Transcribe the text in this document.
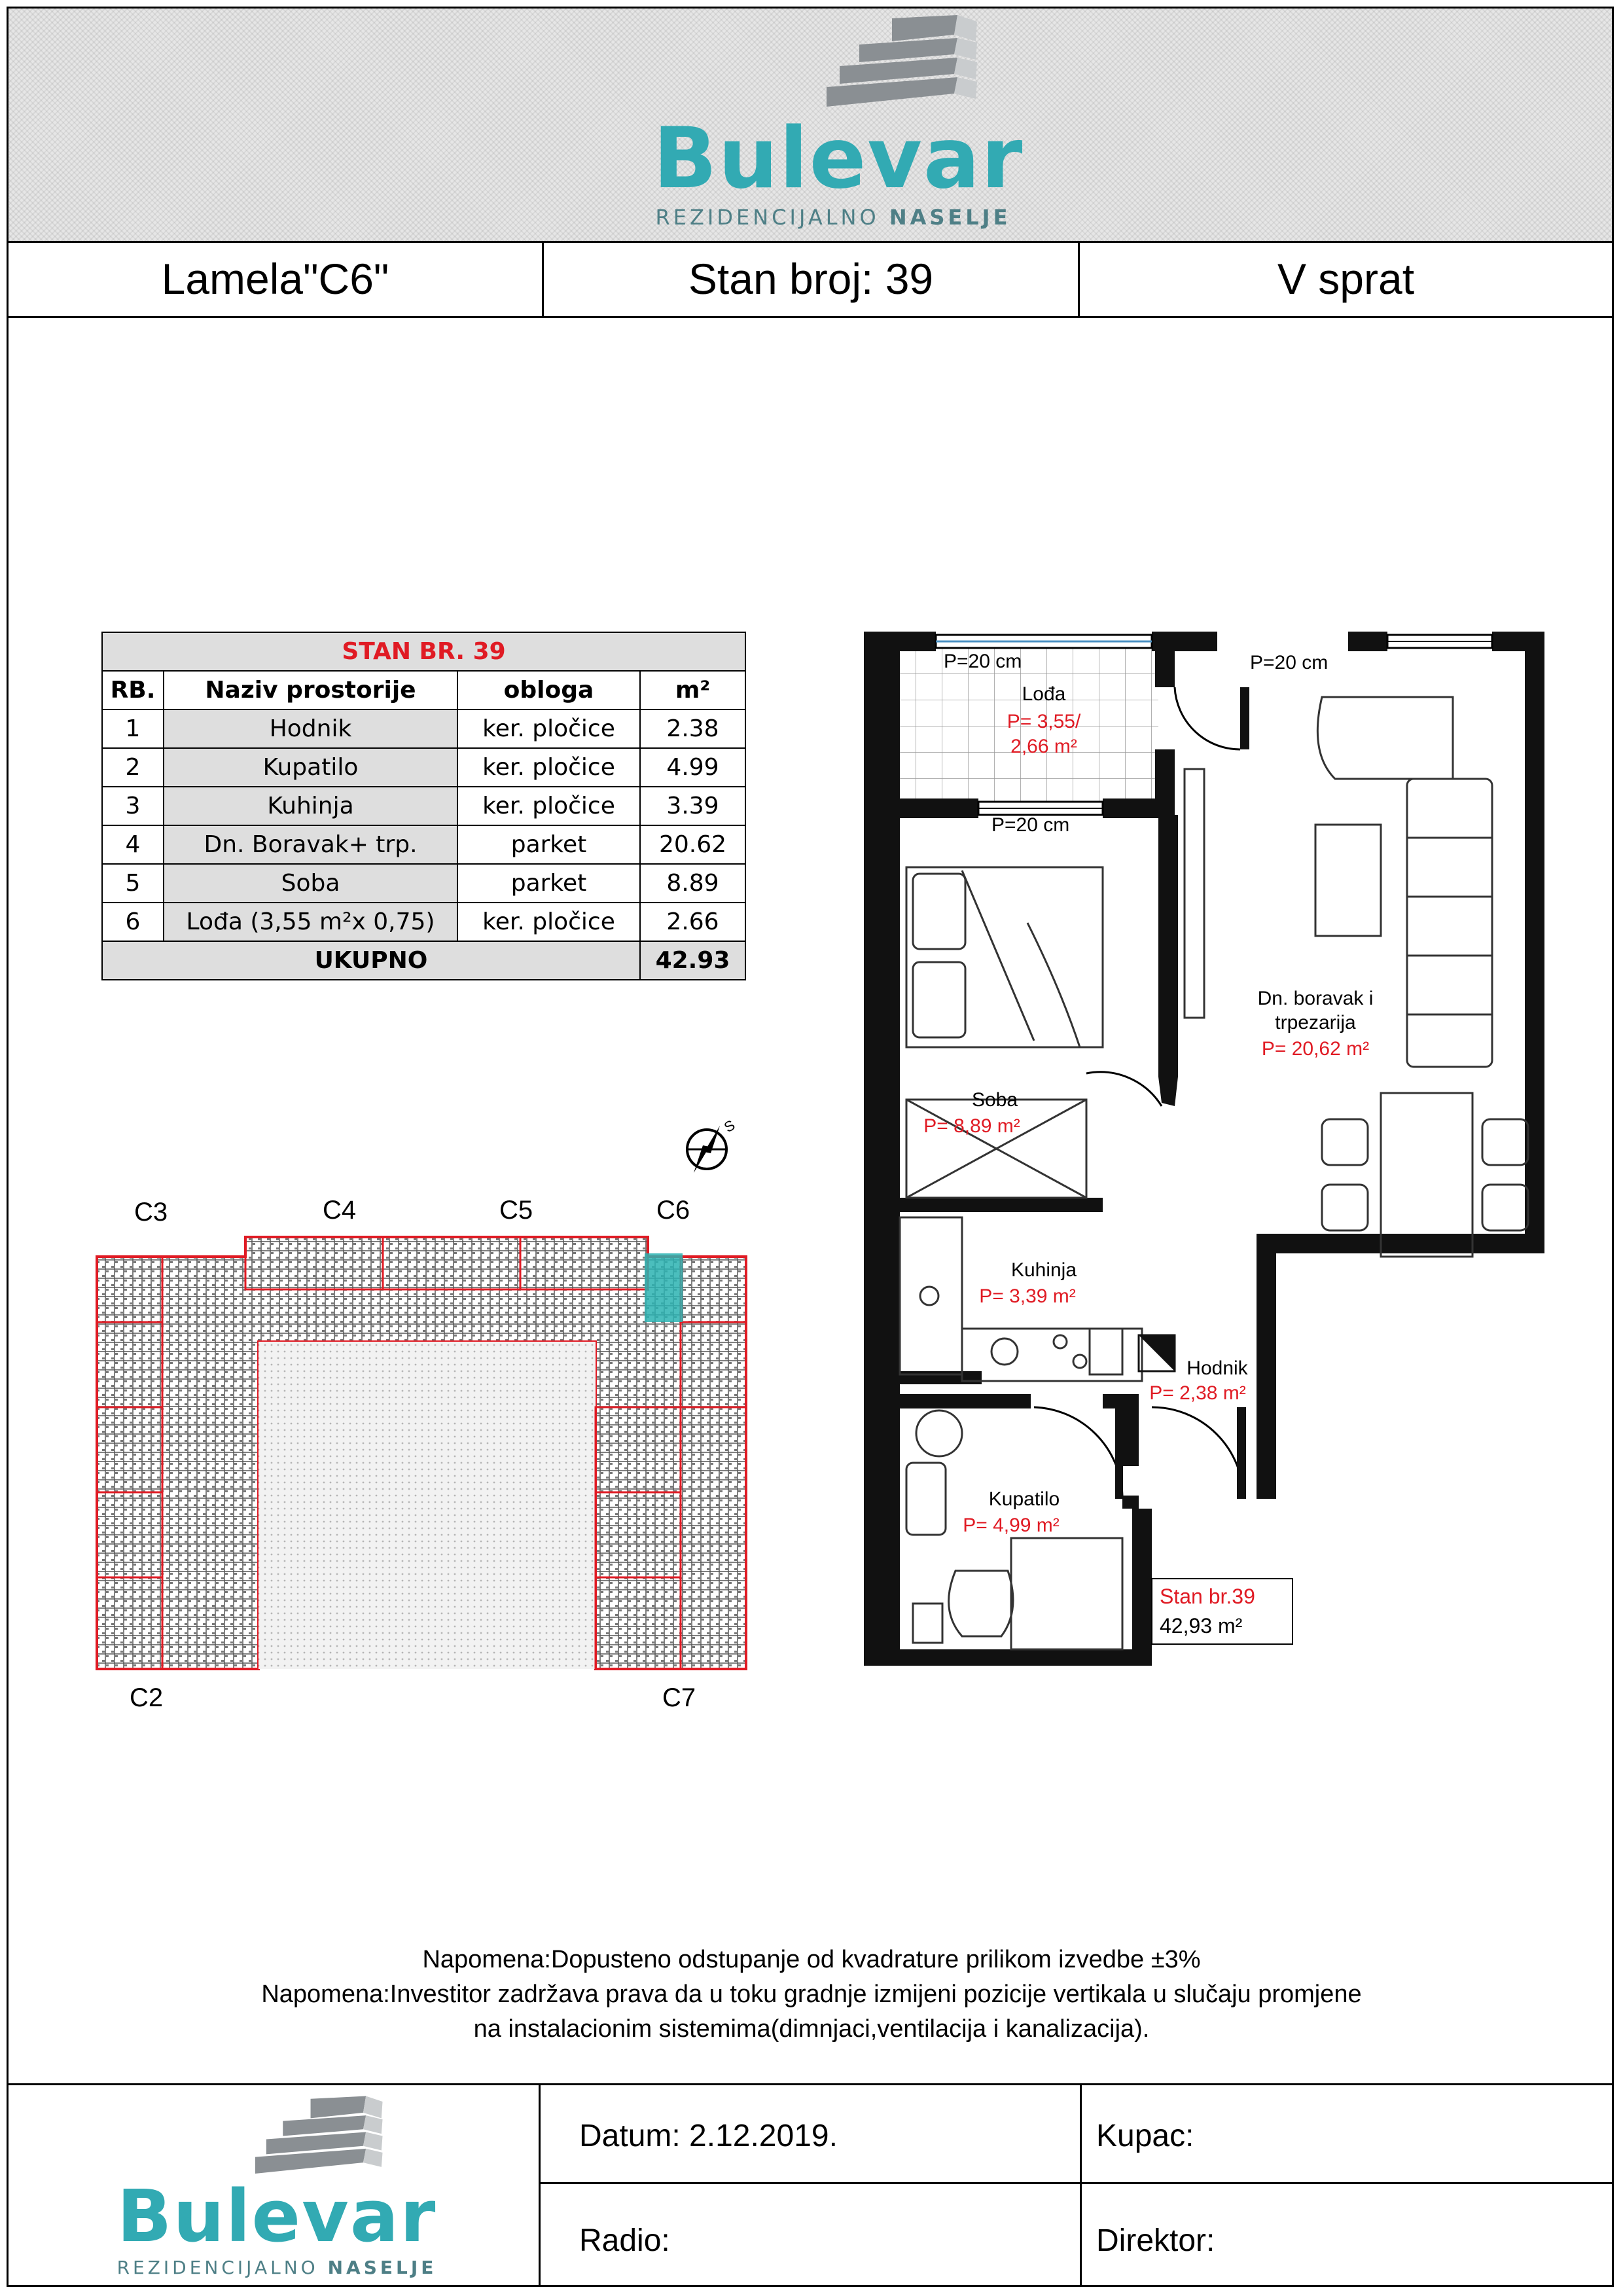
Bulevar
REZIDENCIJALNO NASELJE
Lamela"C6"	Stan broj: 39	V sprat
STAN BR. 39			
RB.	Naziv prostorije	obloga	m²
1	Hodnik	ker. pločice	2.38
2	Kupatilo	ker. pločice	4.99
3	Kuhinja	ker. pločice	3.39
4	Dn. Boravak+ trp.	parket	20.62
5	Soba	parket	8.89
6	Lođa (3,55 m²x 0,75)	ker. pločice	2.66
UKUPNO			42.93
S
C3	C4	C5	C6
C2	C7
P=20 cm	P=20 cm
P=20 cm
Lođa
P= 3,55/
2,66 m²
Dn. boravak i
trpezarija
P= 20,62 m²
Soba
P= 8,89 m²
Kuhinja
P= 3,39 m²
Hodnik
P= 2,38 m²
Kupatilo
P= 4,99 m²
Stan br.39
42,93 m²
Napomena:Dopusteno odstupanje od kvadrature prilikom izvedbe ±3%
Napomena:Investitor zadržava prava da u toku gradnje izmijeni pozicije vertikala u slučaju promjene
na instalacionim sistemima(dimnjaci,ventilacija i kanalizacija).
Bulevar
REZIDENCIJALNO NASELJE
Datum: 2.12.2019.	Kupac:
Radio:	Direktor:
